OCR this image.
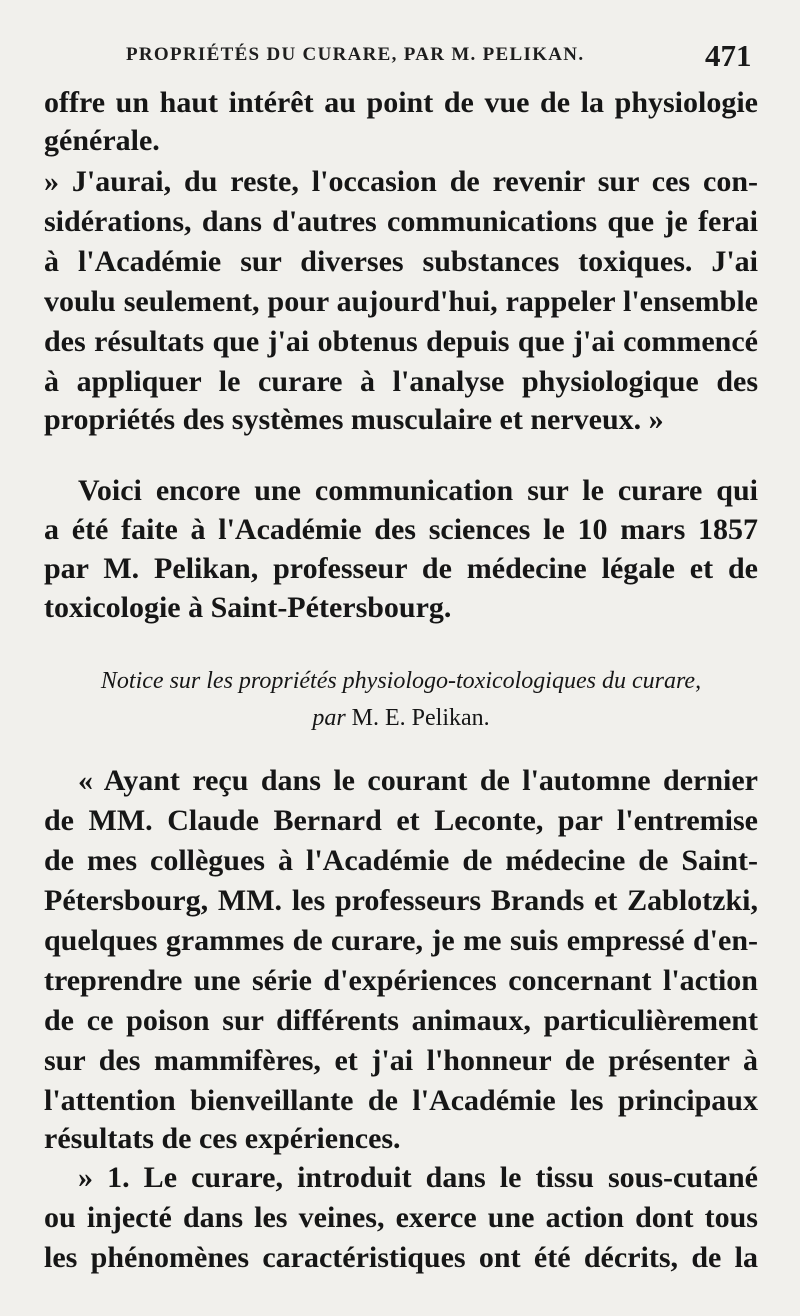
PROPRIÉTÉS DU CURARE, PAR M. PELIKAN.	471
offre un haut intérêt au point de vue de la physiologie
générale.
» J'aurai, du reste, l'occasion de revenir sur ces con-
sidérations, dans d'autres communications que je ferai
à l'Académie sur diverses substances toxiques. J'ai
voulu seulement, pour aujourd'hui, rappeler l'ensemble
des résultats que j'ai obtenus depuis que j'ai commencé
à appliquer le curare à l'analyse physiologique des
propriétés des systèmes musculaire et nerveux. »
Voici encore une communication sur le curare qui
a été faite à l'Académie des sciences le 10 mars 1857
par M. Pelikan, professeur de médecine légale et de
toxicologie à Saint-Pétersbourg.
Notice sur les propriétés physiologo-toxicologiques du curare,
par M. E. Pelikan.
« Ayant reçu dans le courant de l'automne dernier
de MM. Claude Bernard et Leconte, par l'entremise
de mes collègues à l'Académie de médecine de Saint-
Pétersbourg, MM. les professeurs Brands et Zablotzki,
quelques grammes de curare, je me suis empressé d'en-
treprendre une série d'expériences concernant l'action
de ce poison sur différents animaux, particulièrement
sur des mammifères, et j'ai l'honneur de présenter à
l'attention bienveillante de l'Académie les principaux
résultats de ces expériences.
» 1. Le curare, introduit dans le tissu sous-cutané
ou injecté dans les veines, exerce une action dont tous
les phénomènes caractéristiques ont été décrits, de la
